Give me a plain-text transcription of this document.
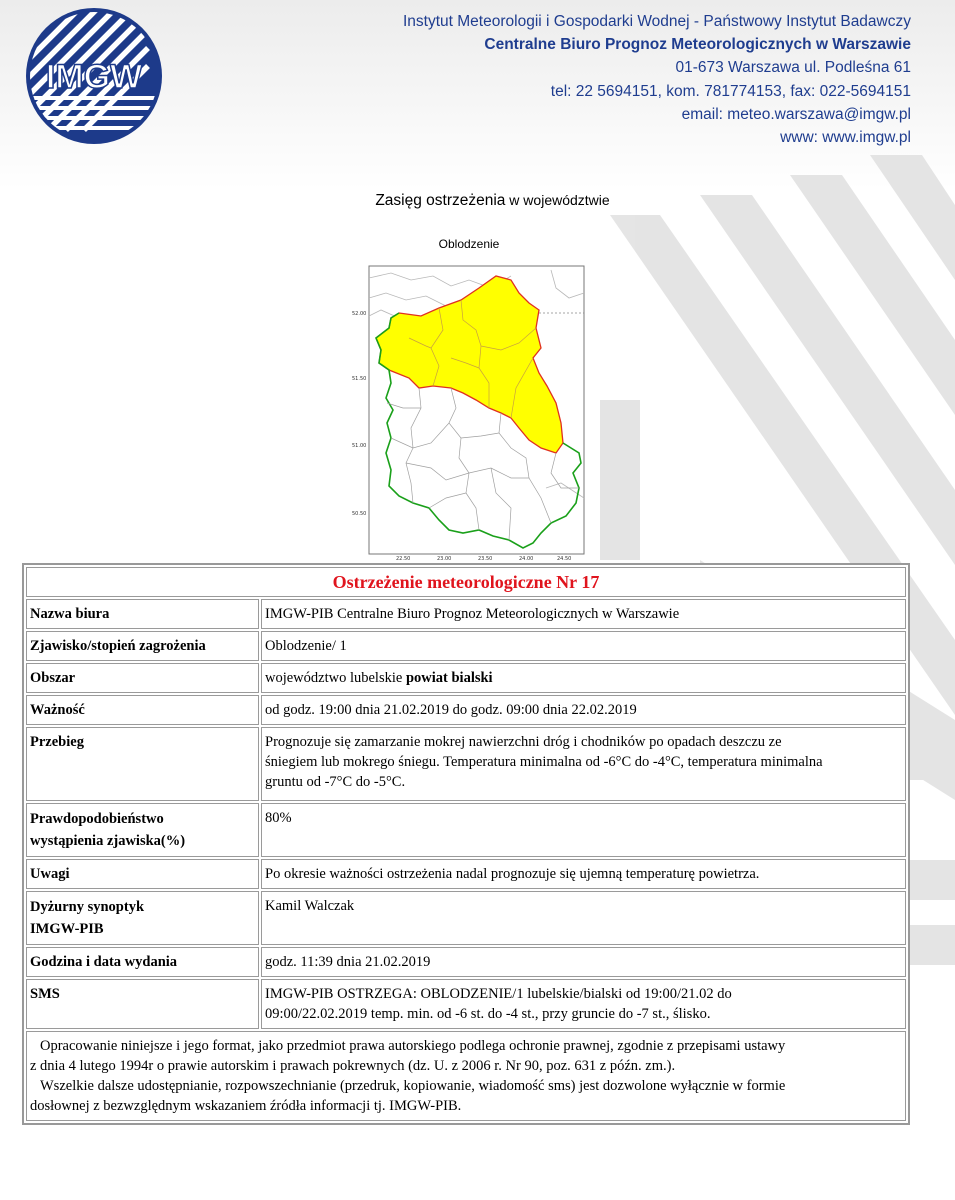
IMGW
Instytut Meteorologii i Gospodarki Wodnej - Państwowy Instytut Badawczy
Centralne Biuro Prognoz Meteorologicznych w Warszawie
01-673 Warszawa ul. Podleśna 61
tel: 22 5694151, kom. 781774153, fax: 022-5694151
email: meteo.warszawa@imgw.pl
www: www.imgw.pl
Zasięg ostrzeżenia w województwie
Oblodzenie
52.00
51.50
51.00
50.50
22.50	23.00	23.50	24.00	24.50
Ostrzeżenie meteorologiczne Nr 17	
Nazwa biura	IMGW-PIB Centralne Biuro Prognoz Meteorologicznych w Warszawie
Zjawisko/stopień zagrożenia	Oblodzenie/ 1
Obszar	województwo lubelskie powiat bialski
Ważność	od godz. 19:00 dnia 21.02.2019 do godz. 09:00 dnia 22.02.2019
Przebieg	Prognozuje się zamarzanie mokrej nawierzchni dróg i chodników po opadach deszczu ze
śniegiem lub mokrego śniegu. Temperatura minimalna od -6°C do -4°C, temperatura minimalna
gruntu od -7°C do -5°C.

Prawdopodobieństwo
wystąpienia zjawiska(%)	80%
Uwagi	Po okresie ważności ostrzeżenia nadal prognozuje się ujemną temperaturę powietrza.

Dyżurny synoptyk
IMGW-PIB	Kamil Walczak
Godzina i data wydania	godz. 11:39 dnia 21.02.2019
SMS	IMGW-PIB OSTRZEGA: OBLODZENIE/1 lubelskie/bialski od 19:00/21.02 do
09:00/22.02.2019 temp. min. od -6 st. do -4 st., przy gruncie do -7 st., ślisko.

Opracowanie niniejsze i jego format, jako przedmiot prawa autorskiego podlega ochronie prawnej, zgodnie z przepisami ustawy
z dnia 4 lutego 1994r o prawie autorskim i prawach pokrewnych (dz. U. z 2006 r. Nr 90, poz. 631 z późn. zm.).
Wszelkie dalsze udostępnianie, rozpowszechnianie (przedruk, kopiowanie, wiadomość sms) jest dozwolone wyłącznie w formie
dosłownej z bezwzględnym wskazaniem źródła informacji tj. IMGW-PIB.	
